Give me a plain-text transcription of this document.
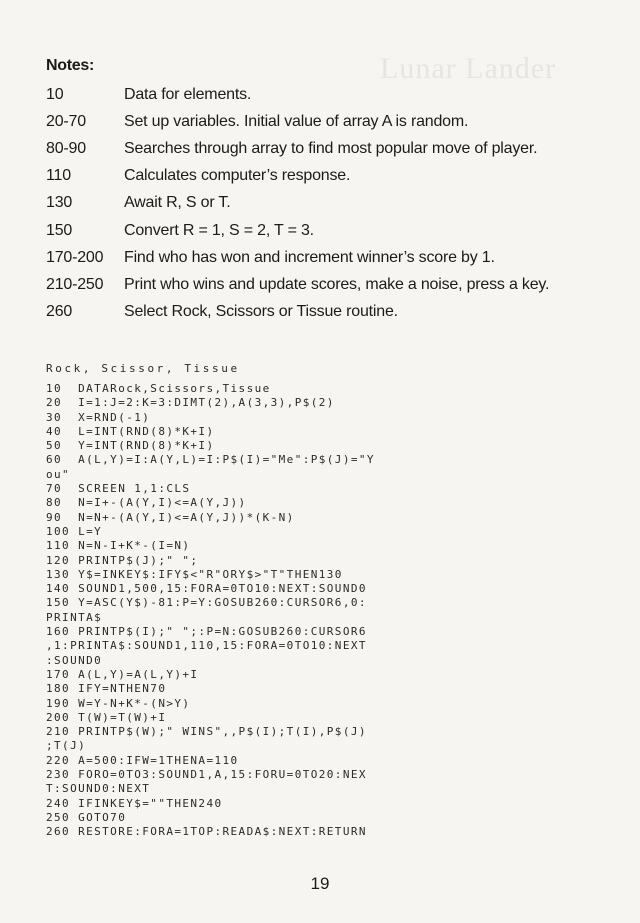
Lunar Lander
Notes:
10	Data for elements.
20-70 Set up variables. Initial value of array A is random.
80-90 Searches through array to find most popular move of player.
110	Calculates computer’s response.
130	Await R, S or T.
150	Convert R = 1, S = 2, T = 3.
170-200 Find who has won and increment winner’s score by 1.
210-250 Print who wins and update scores, make a noise, press a key.
260	Select Rock, Scissors or Tissue routine.
Rock, Scissor, Tissue
10  DATARock,Scissors,Tissue
20  I=1:J=2:K=3:DIMT(2),A(3,3),P$(2)
30  X=RND(-1)
40  L=INT(RND(8)*K+I)
50  Y=INT(RND(8)*K+I)
60  A(L,Y)=I:A(Y,L)=I:P$(I)="Me":P$(J)="Y
ou"
70  SCREEN 1,1:CLS
80  N=I+-(A(Y,I)<=A(Y,J))
90  N=N+-(A(Y,I)<=A(Y,J))*(K-N)
100 L=Y
110 N=N-I+K*-(I=N)
120 PRINTP$(J);" ";
130 Y$=INKEY$:IFY$<"R"ORY$>"T"THEN130
140 SOUND1,500,15:FORA=0TO10:NEXT:SOUND0
150 Y=ASC(Y$)-81:P=Y:GOSUB260:CURSOR6,0:
PRINTA$
160 PRINTP$(I);" ";:P=N:GOSUB260:CURSOR6
,1:PRINTA$:SOUND1,110,15:FORA=0TO10:NEXT
:SOUND0
170 A(L,Y)=A(L,Y)+I
180 IFY=NTHEN70
190 W=Y-N+K*-(N>Y)
200 T(W)=T(W)+I
210 PRINTP$(W);" WINS",,P$(I);T(I),P$(J)
;T(J)
220 A=500:IFW=1THENA=110
230 FORO=0TO3:SOUND1,A,15:FORU=0TO20:NEX
T:SOUND0:NEXT
240 IFINKEY$=""THEN240
250 GOTO70
260 RESTORE:FORA=1TOP:READA$:NEXT:RETURN
19
